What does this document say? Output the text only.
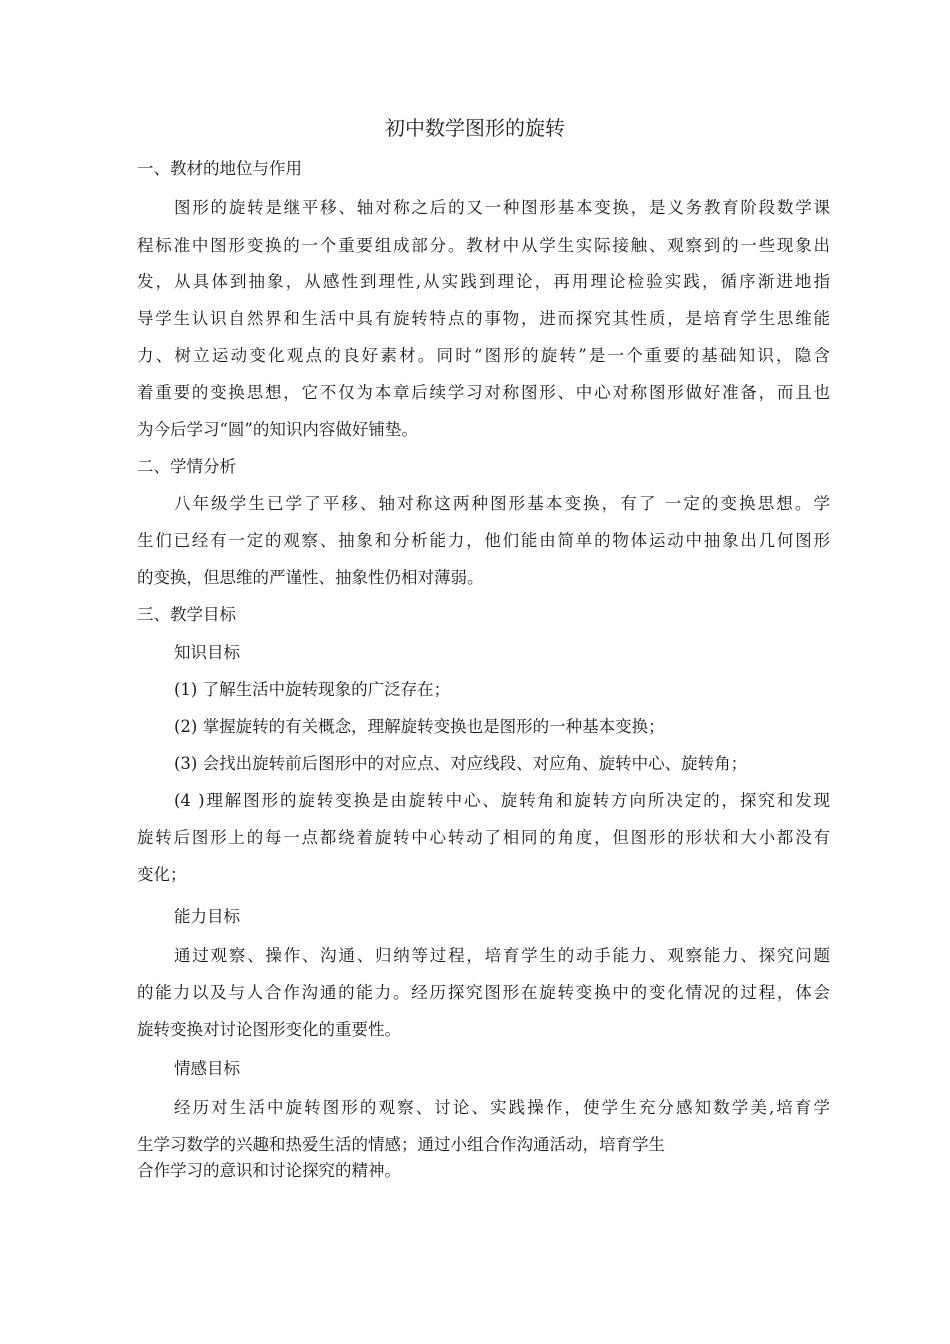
初中数学图形的旋转
一、教材的地位与作用
图形的旋转是继平移、轴对称之后的又一种图形基本变换，是义务教育阶段数学课
程标准中图形变换的一个重要组成部分。教材中从学生实际接触、观察到的一些现象出
发，从具体到抽象，从感性到理性,从实践到理论，再用理论检验实践，循序渐进地指
导学生认识自然界和生活中具有旋转特点的事物，进而探究其性质，是培育学生思维能
力、树立运动变化观点的良好素材。同时“图形的旋转”是一个重要的基础知识，隐含
着重要的变换思想，它不仅为本章后续学习对称图形、中心对称图形做好准备，而且也
为今后学习“圆”的知识内容做好铺垫。
二、学情分析
八年级学生已学了平移、轴对称这两种图形基本变换，有了 一定的变换思想。学
生们已经有一定的观察、抽象和分析能力，他们能由简单的物体运动中抽象出几何图形
的变换，但思维的严谨性、抽象性仍相对薄弱。
三、教学目标
知识目标
(1) 了解生活中旋转现象的广泛存在；
(2) 掌握旋转的有关概念，理解旋转变换也是图形的一种基本变换；
(3) 会找出旋转前后图形中的对应点、对应线段、对应角、旋转中心、旋转角；
(4 )理解图形的旋转变换是由旋转中心、旋转角和旋转方向所决定的，探究和发现
旋转后图形上的每一点都绕着旋转中心转动了相同的角度，但图形的形状和大小都没有
变化；
能力目标
通过观察、操作、沟通、归纳等过程，培育学生的动手能力、观察能力、探究问题
的能力以及与人合作沟通的能力。经历探究图形在旋转变换中的变化情况的过程，体会
旋转变换对讨论图形变化的重要性。
情感目标
经历对生活中旋转图形的观察、讨论、实践操作，使学生充分感知数学美,培育学
生学习数学的兴趣和热爱生活的情感；通过小组合作沟通活动，培育学生
合作学习的意识和讨论探究的精神。
